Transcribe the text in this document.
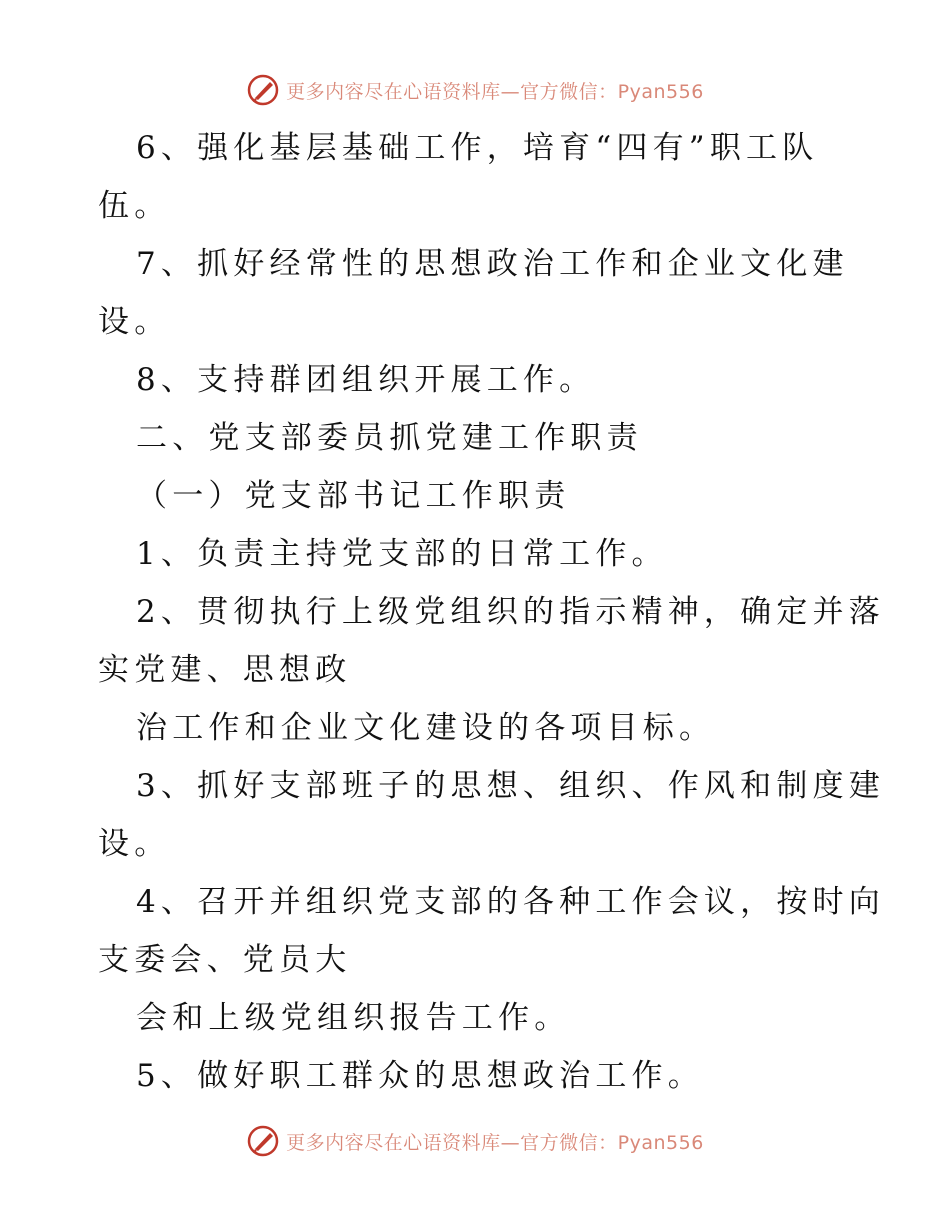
更多内容尽在心语资料库—官方微信：Pyan556
6、强化基层基础工作，培育“四有”职工队
伍。
7、抓好经常性的思想政治工作和企业文化建
设。
8、支持群团组织开展工作。
二、党支部委员抓党建工作职责
（一）党支部书记工作职责
1、负责主持党支部的日常工作。
2、贯彻执行上级党组织的指示精神，确定并落
实党建、思想政
治工作和企业文化建设的各项目标。
3、抓好支部班子的思想、组织、作风和制度建
设。
4、召开并组织党支部的各种工作会议，按时向
支委会、党员大
会和上级党组织报告工作。
5、做好职工群众的思想政治工作。
更多内容尽在心语资料库—官方微信：Pyan556
